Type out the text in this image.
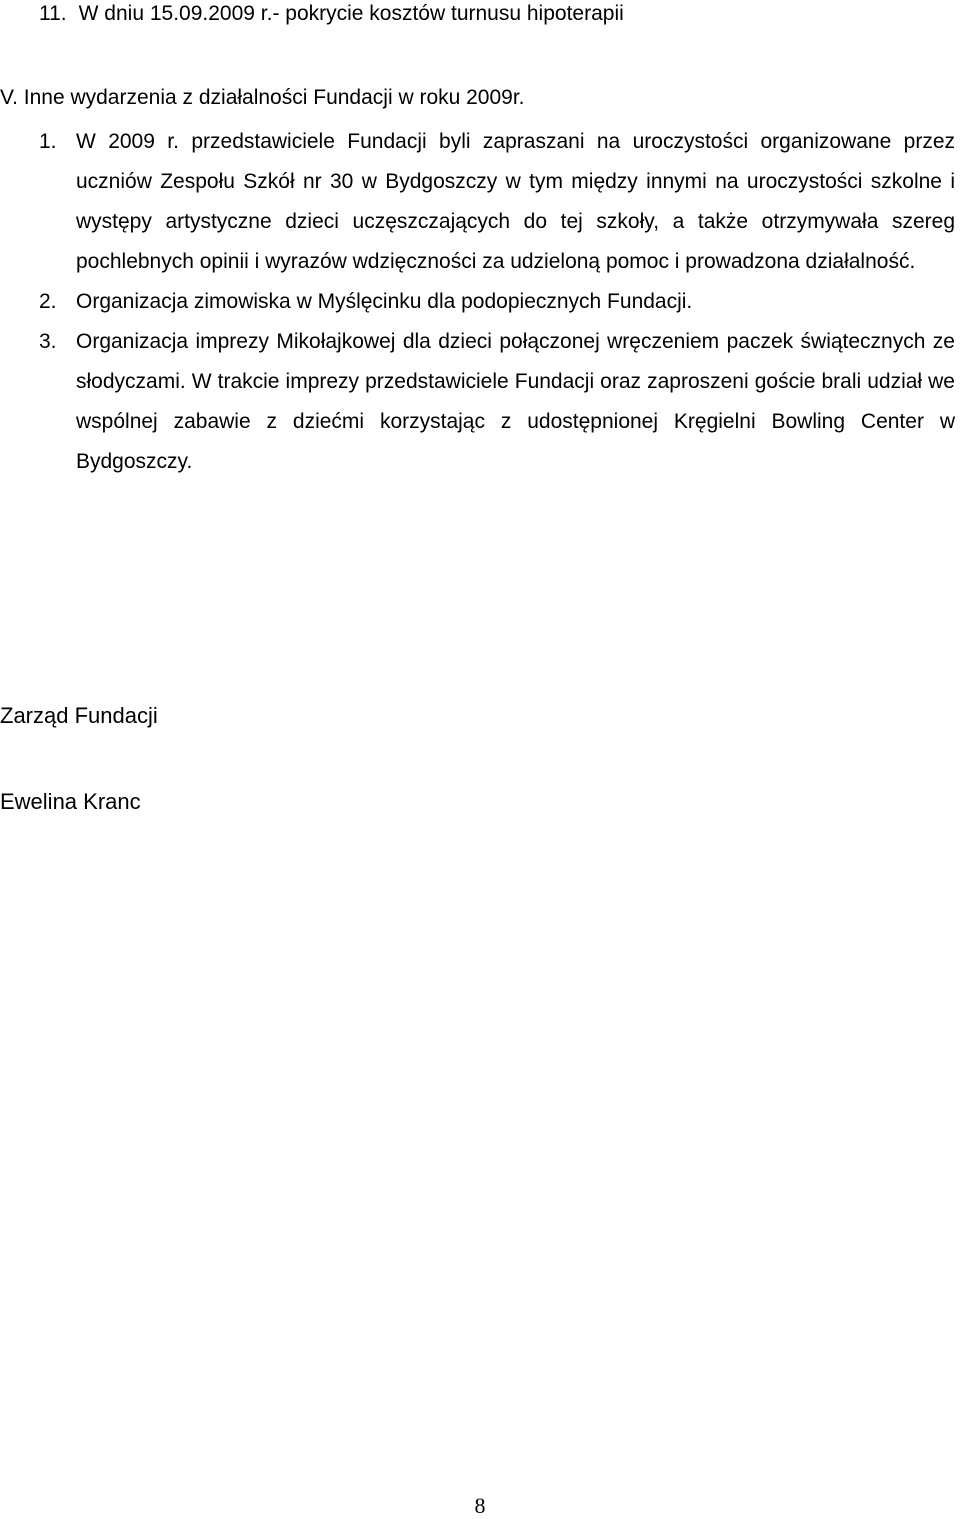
11. W dniu 15.09.2009 r.- pokrycie kosztów turnusu hipoterapii

V. Inne wydarzenia z działalności Fundacji w roku 2009r.

1. W 2009 r. przedstawiciele Fundacji byli zapraszani na uroczystości organizowane przez uczniów Zespołu Szkół nr 30 w Bydgoszczy w tym między innymi na uroczystości szkolne i występy artystyczne dzieci uczęszczających do tej szkoły, a także otrzymywała szereg pochlebnych opinii i wyrazów wdzięczności za udzieloną pomoc i prowadzona działalność.
2. Organizacja zimowiska w Myślęcinku dla podopiecznych Fundacji.
3. Organizacja imprezy Mikołajkowej dla dzieci połączonej wręczeniem paczek świątecznych ze słodyczami. W trakcie imprezy przedstawiciele Fundacji oraz zaproszeni goście brali udział we wspólnej zabawie z dziećmi korzystając z udostępnionej Kręgielni Bowling Center w Bydgoszczy.

Zarząd Fundacji

Ewelina Kranc

8
